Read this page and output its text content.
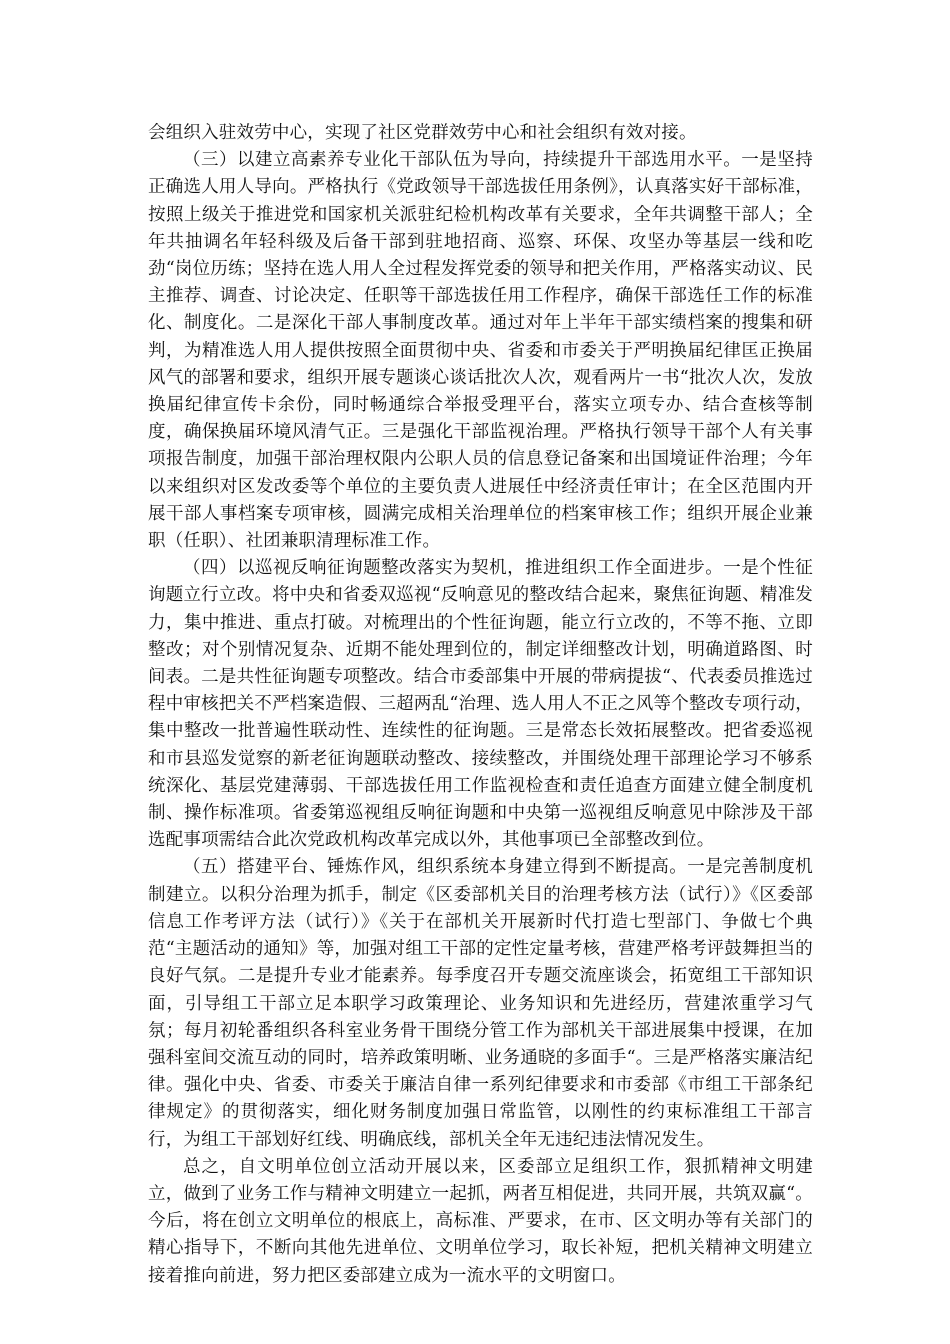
会组织入驻效劳中心，实现了社区党群效劳中心和社会组织有效对接。

（三）以建立高素养专业化干部队伍为导向，持续提升干部选用水平。一是坚持正确选人用人导向。严格执行《党政领导干部选拔任用条例》，认真落实好干部标准，按照上级关于推进党和国家机关派驻纪检机构改革有关要求，全年共调整干部人；全年共抽调名年轻科级及后备干部到驻地招商、巡察、环保、攻坚办等基层一线和吃劲“岗位历练；坚持在选人用人全过程发挥党委的领导和把关作用，严格落实动议、民主推荐、调查、讨论决定、任职等干部选拔任用工作程序，确保干部选任工作的标准化、制度化。二是深化干部人事制度改革。通过对年上半年干部实绩档案的搜集和研判，为精准选人用人提供按照全面贯彻中央、省委和市委关于严明换届纪律匡正换届风气的部署和要求，组织开展专题谈心谈话批次人次，观看两片一书“批次人次，发放换届纪律宣传卡余份，同时畅通综合举报受理平台，落实立项专办、结合查核等制度，确保换届环境风清气正。三是强化干部监视治理。严格执行领导干部个人有关事项报告制度，加强干部治理权限内公职人员的信息登记备案和出国境证件治理；今年以来组织对区发改委等个单位的主要负责人进展任中经济责任审计；在全区范围内开展干部人事档案专项审核，圆满完成相关治理单位的档案审核工作；组织开展企业兼职（任职）、社团兼职清理标准工作。

（四）以巡视反响征询题整改落实为契机，推进组织工作全面进步。一是个性征询题立行立改。将中央和省委双巡视“反响意见的整改结合起来，聚焦征询题、精准发力，集中推进、重点打破。对梳理出的个性征询题，能立行立改的，不等不拖、立即整改；对个别情况复杂、近期不能处理到位的，制定详细整改计划，明确道路图、时间表。二是共性征询题专项整改。结合市委部集中开展的带病提拔“、代表委员推选过程中审核把关不严档案造假、三超两乱“治理、选人用人不正之风等个整改专项行动，集中整改一批普遍性联动性、连续性的征询题。三是常态长效拓展整改。把省委巡视和市县巡发觉察的新老征询题联动整改、接续整改，并围绕处理干部理论学习不够系统深化、基层党建薄弱、干部选拔任用工作监视检查和责任追查方面建立健全制度机制、操作标准项。省委第巡视组反响征询题和中央第一巡视组反响意见中除涉及干部选配事项需结合此次党政机构改革完成以外，其他事项已全部整改到位。

（五）搭建平台、锤炼作风，组织系统本身建立得到不断提高。一是完善制度机制建立。以积分治理为抓手，制定《区委部机关目的治理考核方法（试行）》《区委部信息工作考评方法（试行）》《关于在部机关开展新时代打造七型部门、争做七个典范“主题活动的通知》等，加强对组工干部的定性定量考核，营建严格考评鼓舞担当的良好气氛。二是提升专业才能素养。每季度召开专题交流座谈会，拓宽组工干部知识面，引导组工干部立足本职学习政策理论、业务知识和先进经历，营建浓重学习气氛；每月初轮番组织各科室业务骨干围绕分管工作为部机关干部进展集中授课，在加强科室间交流互动的同时，培养政策明晰、业务通晓的多面手“。三是严格落实廉洁纪律。强化中央、省委、市委关于廉洁自律一系列纪律要求和市委部《市组工干部条纪律规定》的贯彻落实，细化财务制度加强日常监管，以刚性的约束标准组工干部言行，为组工干部划好红线、明确底线，部机关全年无违纪违法情况发生。

总之，自文明单位创立活动开展以来，区委部立足组织工作，狠抓精神文明建立，做到了业务工作与精神文明建立一起抓，两者互相促进，共同开展，共筑双赢“。今后，将在创立文明单位的根底上，高标准、严要求，在市、区文明办等有关部门的精心指导下，不断向其他先进单位、文明单位学习，取长补短，把机关精神文明建立接着推向前进，努力把区委部建立成为一流水平的文明窗口。
